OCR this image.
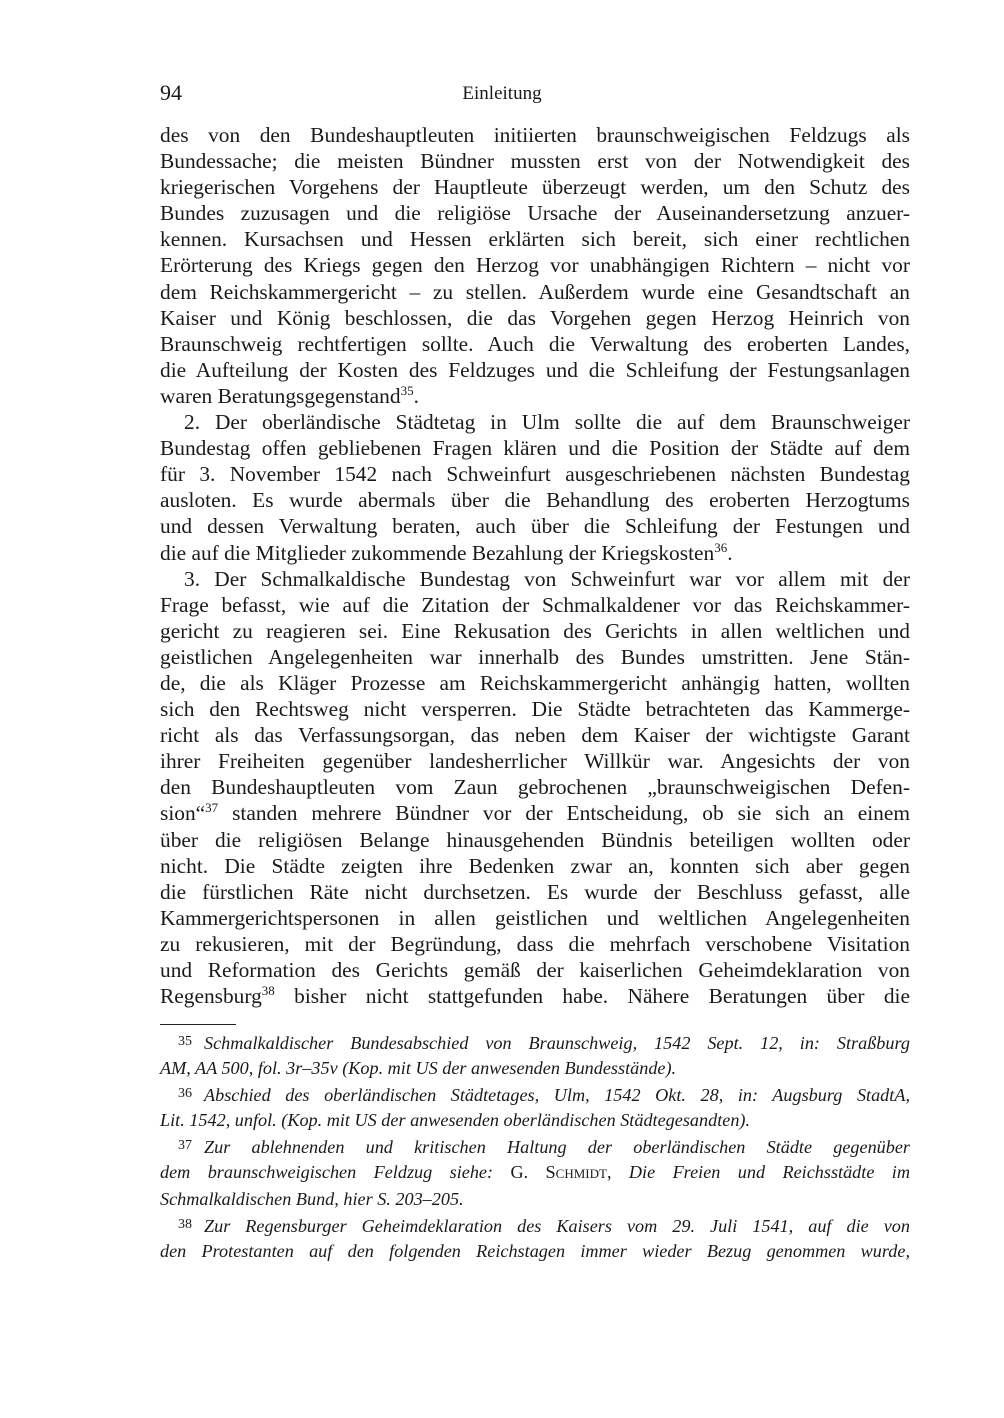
94	Einleitung
des von den Bundeshauptleuten initiierten braunschweigischen Feldzugs als
Bundessache; die meisten Bündner mussten erst von der Notwendigkeit des
kriegerischen Vorgehens der Hauptleute überzeugt werden, um den Schutz des
Bundes zuzusagen und die religiöse Ursache der Auseinandersetzung anzuer-
kennen. Kursachsen und Hessen erklärten sich bereit, sich einer rechtlichen
Erörterung des Kriegs gegen den Herzog vor unabhängigen Richtern – nicht vor
dem Reichskammergericht – zu stellen. Außerdem wurde eine Gesandtschaft an
Kaiser und König beschlossen, die das Vorgehen gegen Herzog Heinrich von
Braunschweig rechtfertigen sollte. Auch die Verwaltung des eroberten Landes,
die Aufteilung der Kosten des Feldzuges und die Schleifung der Festungsanlagen
waren Beratungsgegenstand$^{35}$.
2. Der oberländische Städtetag in Ulm sollte die auf dem Braunschweiger
Bundestag offen gebliebenen Fragen klären und die Position der Städte auf dem
für 3. November 1542 nach Schweinfurt ausgeschriebenen nächsten Bundestag
ausloten. Es wurde abermals über die Behandlung des eroberten Herzogtums
und dessen Verwaltung beraten, auch über die Schleifung der Festungen und
die auf die Mitglieder zukommende Bezahlung der Kriegskosten$^{36}$.
3. Der Schmalkaldische Bundestag von Schweinfurt war vor allem mit der
Frage befasst, wie auf die Zitation der Schmalkaldener vor das Reichskammer-
gericht zu reagieren sei. Eine Rekusation des Gerichts in allen weltlichen und
geistlichen Angelegenheiten war innerhalb des Bundes umstritten. Jene Stän-
de, die als Kläger Prozesse am Reichskammergericht anhängig hatten, wollten
sich den Rechtsweg nicht versperren. Die Städte betrachteten das Kammerge-
richt als das Verfassungsorgan, das neben dem Kaiser der wichtigste Garant
ihrer Freiheiten gegenüber landesherrlicher Willkür war. Angesichts der von
den Bundeshauptleuten vom Zaun gebrochenen „braunschweigischen Defen-
sion“$^{37}$ standen mehrere Bündner vor der Entscheidung, ob sie sich an einem
über die religiösen Belange hinausgehenden Bündnis beteiligen wollten oder
nicht. Die Städte zeigten ihre Bedenken zwar an, konnten sich aber gegen
die fürstlichen Räte nicht durchsetzen. Es wurde der Beschluss gefasst, alle
Kammergerichtspersonen in allen geistlichen und weltlichen Angelegenheiten
zu rekusieren, mit der Begründung, dass die mehrfach verschobene Visitation
und Reformation des Gerichts gemäß der kaiserlichen Geheimdeklaration von
Regensburg$^{38}$ bisher nicht stattgefunden habe. Nähere Beratungen über die
35 Schmalkaldischer Bundesabschied von Braunschweig, 1542 Sept. 12, in: Straßburg
AM, AA 500, fol. 3r–35v (Kop. mit US der anwesenden Bundesstände).
36 Abschied des oberländischen Städtetages, Ulm, 1542 Okt. 28, in: Augsburg StadtA,
Lit. 1542, unfol. (Kop. mit US der anwesenden oberländischen Städtegesandten).
37 Zur ablehnenden und kritischen Haltung der oberländischen Städte gegenüber
dem braunschweigischen Feldzug siehe: G. Schmidt, Die Freien und Reichsstädte im
Schmalkaldischen Bund, hier S. 203–205.
38 Zur Regensburger Geheimdeklaration des Kaisers vom 29. Juli 1541, auf die von
den Protestanten auf den folgenden Reichstagen immer wieder Bezug genommen wurde,
